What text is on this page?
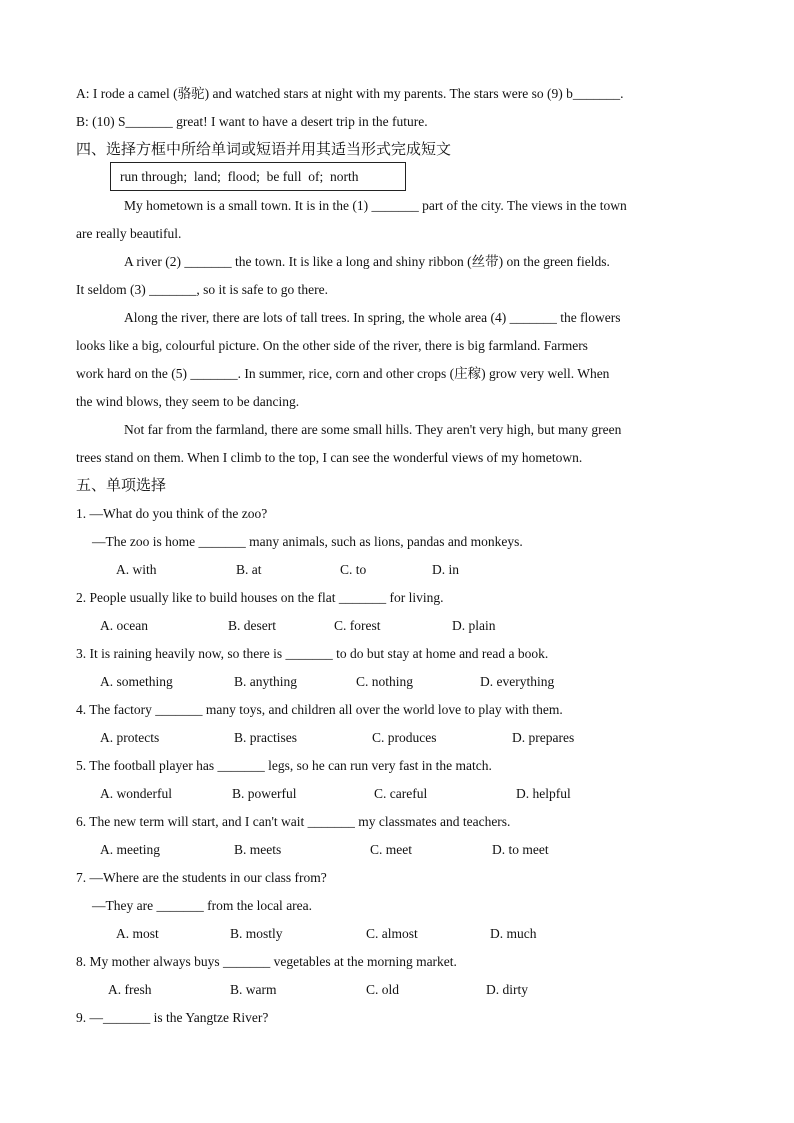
A: I rode a camel (骆驼) and watched stars at night with my parents. The stars were so (9) b_______.
B: (10) S_______ great! I want to have a desert trip in the future.
四、选择方框中所给单词或短语并用其适当形式完成短文
run through;  land;  flood;  be full  of;  north
My hometown is a small town. It is in the (1) _______ part of the city. The views in the town
are really beautiful.
A river (2) _______ the town. It is like a long and shiny ribbon (丝带) on the green fields.
It seldom (3) _______, so it is safe to go there.
Along the river, there are lots of tall trees. In spring, the whole area (4) _______ the flowers
looks like a big, colourful picture. On the other side of the river, there is big farmland. Farmers
work hard on the (5) _______. In summer, rice, corn and other crops (庄稼) grow very well. When
the wind blows, they seem to be dancing.
Not far from the farmland, there are some small hills. They aren't very high, but many green
trees stand on them. When I climb to the top, I can see the wonderful views of my hometown.
五、单项选择
1. —What do you think of the zoo?
—The zoo is home _______ many animals, such as lions, pandas and monkeys.
A. with	B. at	C. to	D. in
2. People usually like to build houses on the flat _______ for living.
A. ocean	B. desert	C. forest	D. plain
3. It is raining heavily now, so there is _______ to do but stay at home and read a book.
A. something	B. anything	C. nothing	D. everything
4. The factory _______ many toys, and children all over the world love to play with them.
A. protects	B. practises	C. produces	D. prepares
5. The football player has _______ legs, so he can run very fast in the match.
A. wonderful	B. powerful	C. careful	D. helpful
6. The new term will start, and I can't wait _______ my classmates and teachers.
A. meeting	B. meets	C. meet	D. to meet
7. —Where are the students in our class from?
—They are _______ from the local area.
A. most	B. mostly	C. almost	D. much
8. My mother always buys _______ vegetables at the morning market.
A. fresh	B. warm	C. old	D. dirty
9. —_______ is the Yangtze River?
